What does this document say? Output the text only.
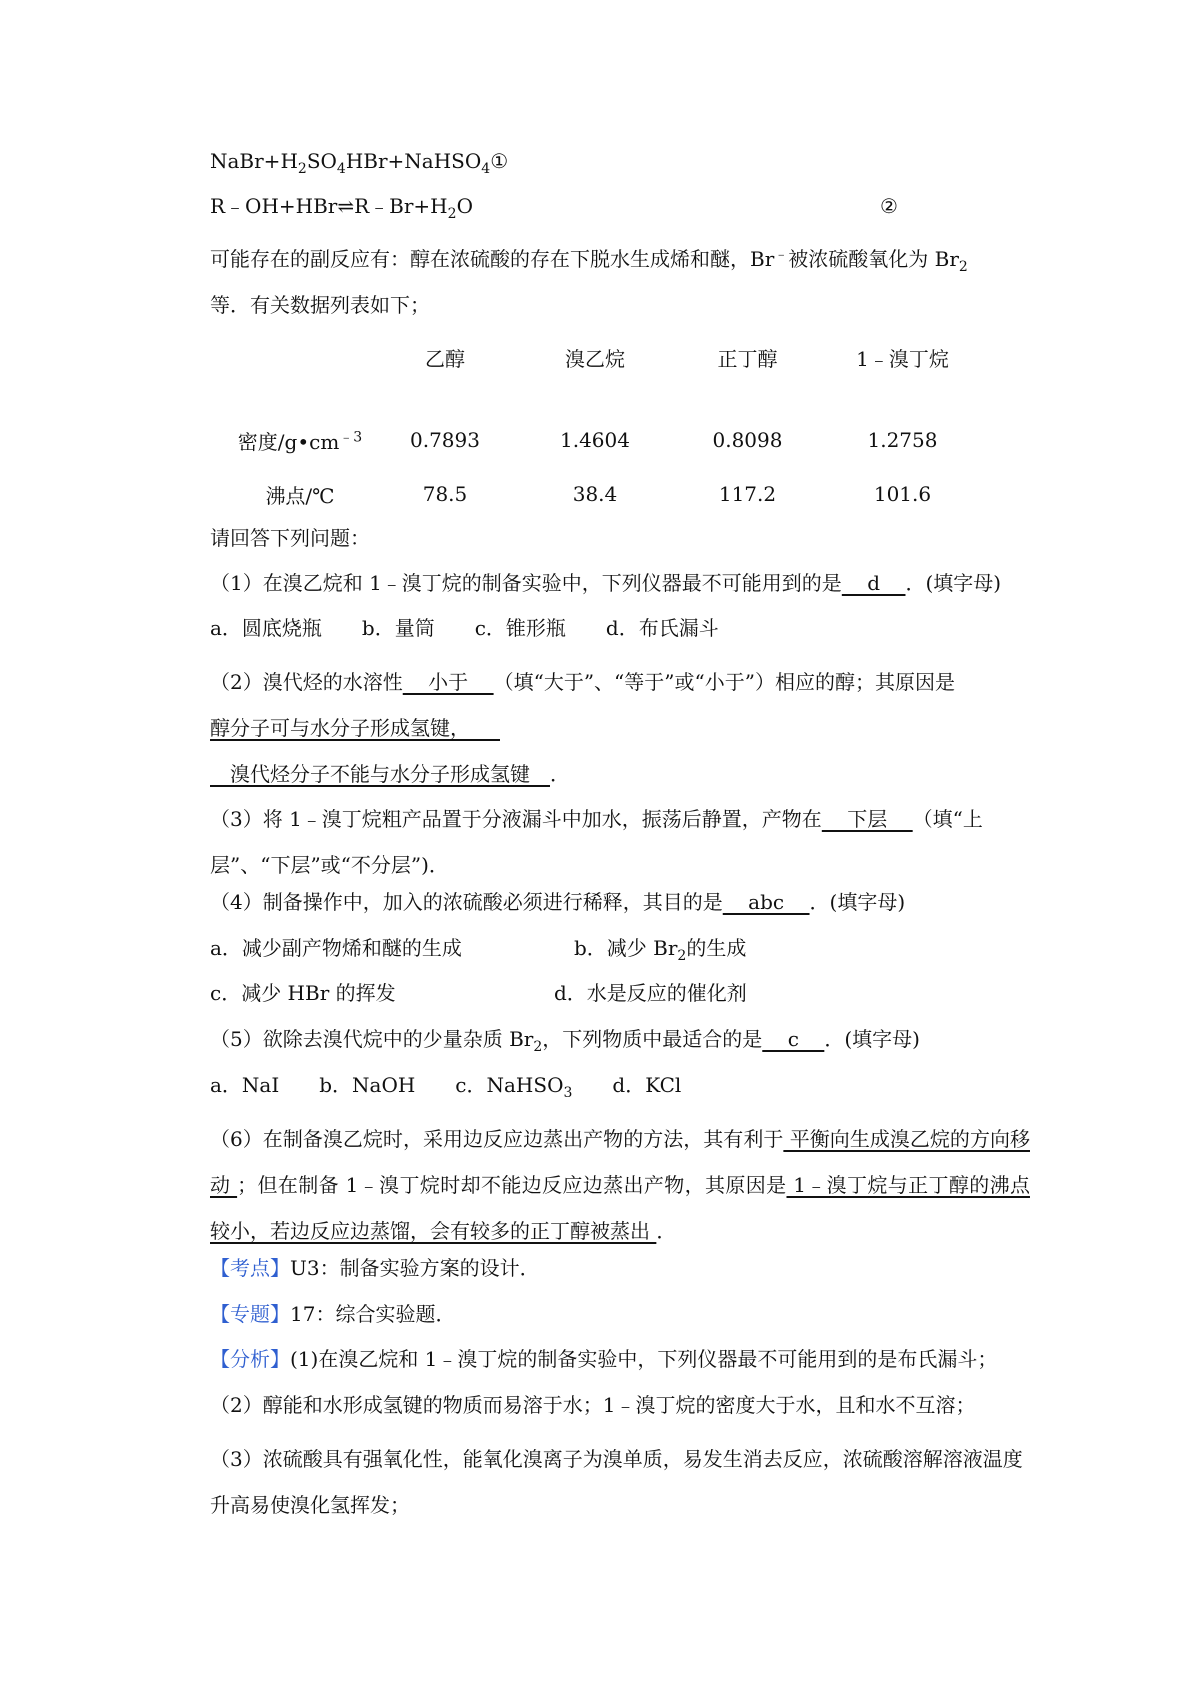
$NaBr+H_2SO_4HBr+NaHSO_4①$
$R﹣OH+HBr\rightleftharpoons R﹣Br+H_2O$	②
可能存在的副反应有：醇在浓硫酸的存在下脱水生成烯和醚，Br﹣被浓硫酸氧化为 $Br_2$
等．有关数据列表如下；
	乙醇	溴乙烷	正丁醇	1﹣溴丁烷
密度$/g•cm^{﹣3}$	0.7893	1.4604	0.8098	1.2758
沸点/℃	78.5	38.4	117.2	101.6
请回答下列问题：
（1）在溴乙烷和 1﹣溴丁烷的制备实验中，下列仪器最不可能用到的是    d    ．(填字母)
a．圆底烧瓶　　b．量筒　　c．锥形瓶　　d．布氏漏斗
（2）溴代烃的水溶性    小于    （填“大于”、“等于”或“小于”）相应的醇；其原因是
醇分子可与水分子形成氢键，　　
　溴代烃分子不能与水分子形成氢键　．
（3）将 1﹣溴丁烷粗产品置于分液漏斗中加水，振荡后静置，产物在    下层    （填“上层”、“下层”或“不分层”)．
（4）制备操作中，加入的浓硫酸必须进行稀释，其目的是    abc    ．(填字母)
a．减少副产物烯和醚的生成	b．减少 $Br_2$的生成
c．减少 HBr 的挥发	d．水是反应的催化剂
（5）欲除去溴代烷中的少量杂质 $Br_2$，下列物质中最适合的是    c    ．(填字母)
a．NaI　　b．NaOH　　c．NaHSO$_3$　　d．KCl
（6）在制备溴乙烷时，采用边反应边蒸出产物的方法，其有利于 平衡向生成溴乙烷的方向移动 ；但在制备 1﹣溴丁烷时却不能边反应边蒸出产物，其原因是 1﹣溴丁烷与正丁醇的沸点较小，若边反应边蒸馏，会有较多的正丁醇被蒸出 ．
【考点】U3：制备实验方案的设计．
【专题】17：综合实验题．
【分析】(1)在溴乙烷和 1﹣溴丁烷的制备实验中，下列仪器最不可能用到的是布氏漏斗；
（2）醇能和水形成氢键的物质而易溶于水；1﹣溴丁烷的密度大于水，且和水不互溶；
（3）浓硫酸具有强氧化性，能氧化溴离子为溴单质，易发生消去反应，浓硫酸溶解溶液温度升高易使溴化氢挥发；
